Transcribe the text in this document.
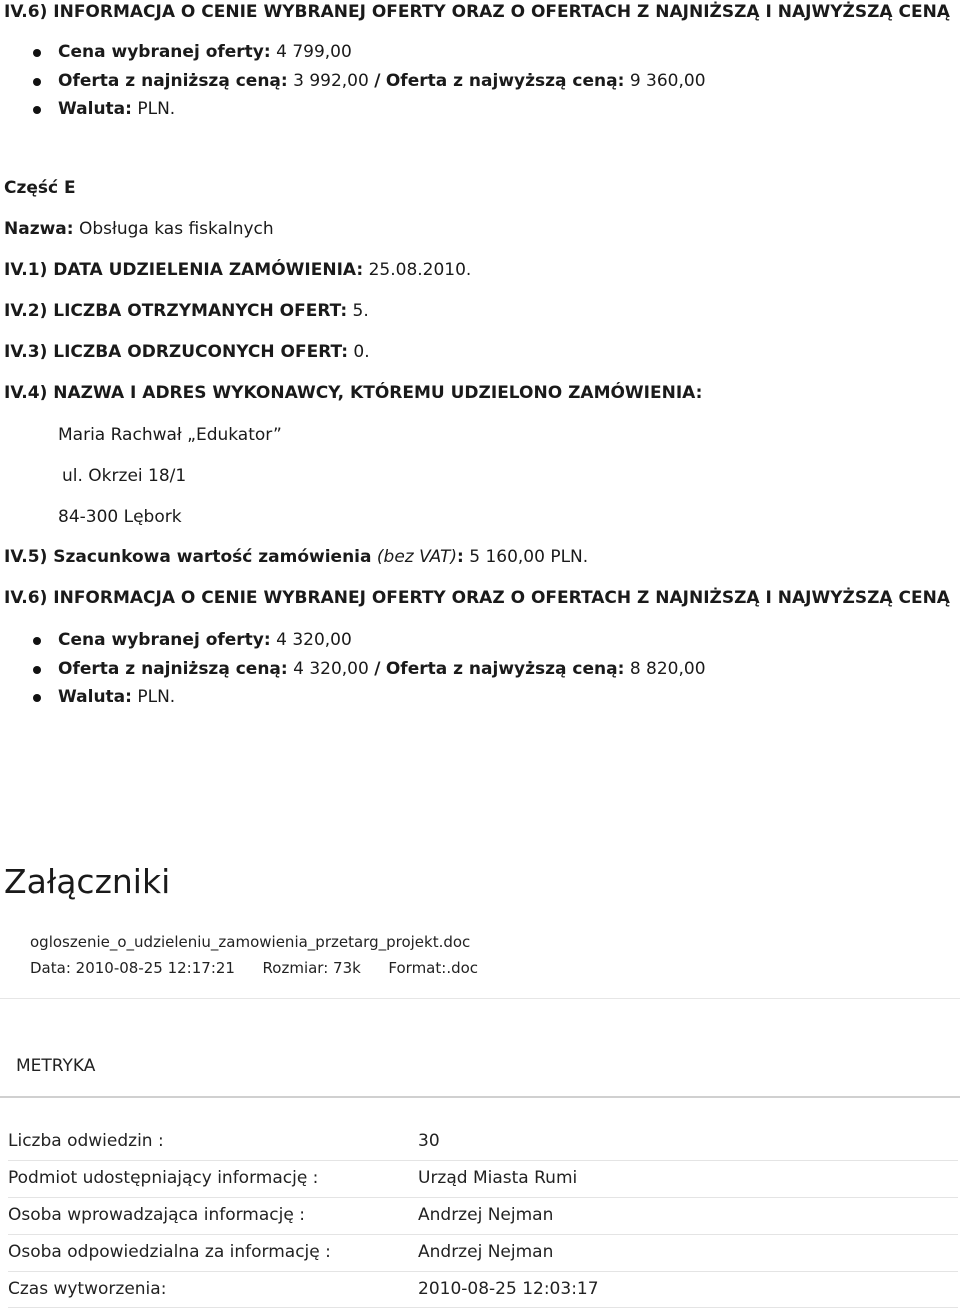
IV.6) INFORMACJA O CENIE WYBRANEJ OFERTY ORAZ O OFERTACH Z NAJNIŻSZĄ I NAJWYŻSZĄ CENĄ
Cena wybranej oferty: 4 799,00
Oferta z najniższą ceną: 3 992,00 / Oferta z najwyższą ceną: 9 360,00
Waluta: PLN.
Część E
Nazwa: Obsługa kas fiskalnych
IV.1) DATA UDZIELENIA ZAMÓWIENIA: 25.08.2010.
IV.2) LICZBA OTRZYMANYCH OFERT: 5.
IV.3) LICZBA ODRZUCONYCH OFERT: 0.
IV.4) NAZWA I ADRES WYKONAWCY, KTÓREMU UDZIELONO ZAMÓWIENIA:
Maria Rachwał „Edukator”
ul. Okrzei 18/1
84-300 Lębork
IV.5) Szacunkowa wartość zamówienia (bez VAT): 5 160,00 PLN.
IV.6) INFORMACJA O CENIE WYBRANEJ OFERTY ORAZ O OFERTACH Z NAJNIŻSZĄ I NAJWYŻSZĄ CENĄ
Cena wybranej oferty: 4 320,00
Oferta z najniższą ceną: 4 320,00 / Oferta z najwyższą ceną: 8 820,00
Waluta: PLN.
Załączniki
ogloszenie_o_udzieleniu_zamowienia_przetarg_projekt.doc
Data: 2010-08-25 12:17:21 Rozmiar: 73k Format:.doc
METRYKA
Liczba odwiedzin :	30
Podmiot udostępniający informację :	Urząd Miasta Rumi
Osoba wprowadzająca informację :	Andrzej Nejman
Osoba odpowiedzialna za informację :	Andrzej Nejman
Czas wytworzenia:	2010-08-25 12:03:17
